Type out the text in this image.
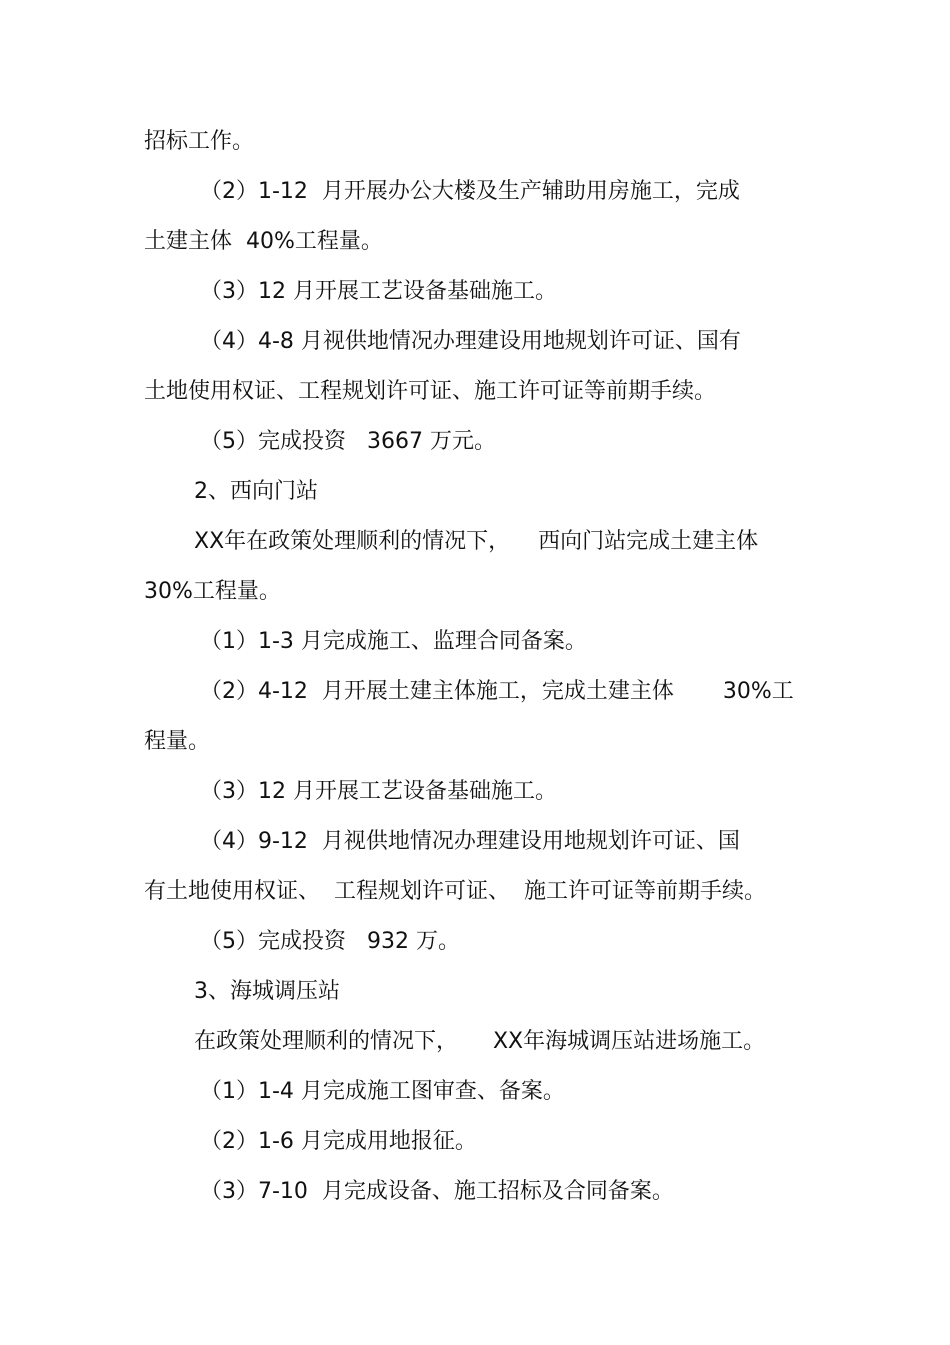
招标工作。

（2）1-12  月开展办公大楼及生产辅助用房施工，完成

土建主体  40%工程量。

（3）12 月开展工艺设备基础施工。

（4）4-8 月视供地情况办理建设用地规划许可证、国有

土地使用权证、工程规划许可证、施工许可证等前期手续。

（5）完成投资   3667 万元。

2、西向门站

XX年在政策处理顺利的情况下，    西向门站完成土建主体

30%工程量。

（1）1-3 月完成施工、监理合同备案。

（2）4-12  月开展土建主体施工，完成土建主体       30%工

程量。

（3）12 月开展工艺设备基础施工。

（4）9-12  月视供地情况办理建设用地规划许可证、国

有土地使用权证、  工程规划许可证、  施工许可证等前期手续。

（5）完成投资   932 万。

3、海城调压站

在政策处理顺利的情况下，     XX年海城调压站进场施工。

（1）1-4 月完成施工图审查、备案。

（2）1-6 月完成用地报征。

（3）7-10  月完成设备、施工招标及合同备案。
